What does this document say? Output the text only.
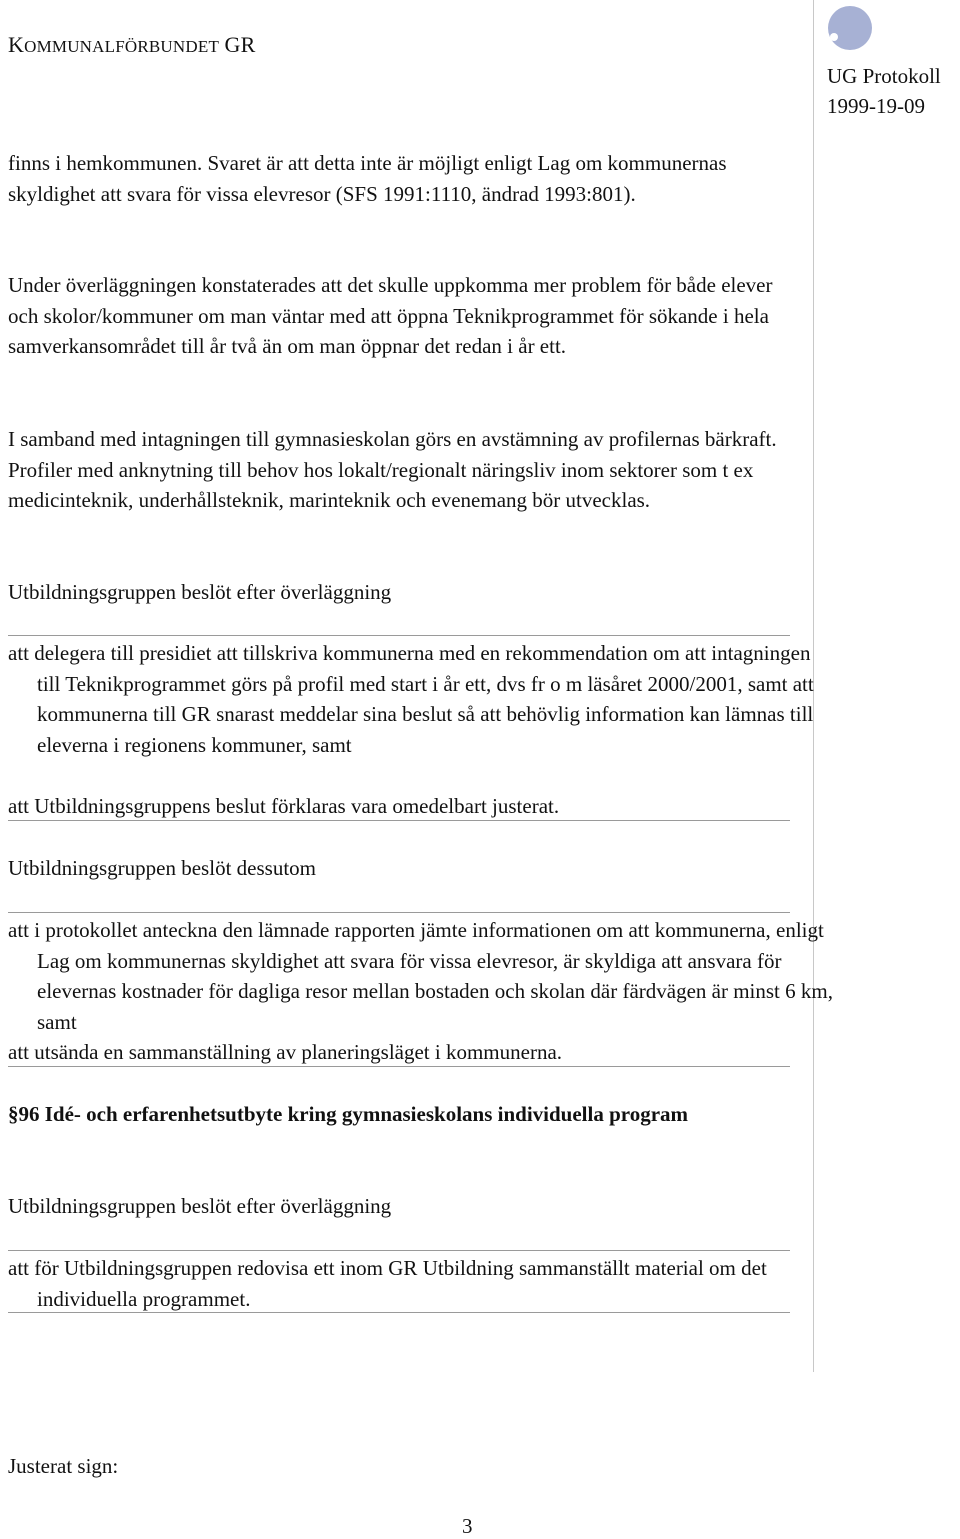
KOMMUNALFÖRBUNDET GR
UG Protokoll
1999-19-09

finns i hemkommunen. Svaret är att detta inte är möjligt enligt Lag om kommunernas skyldighet att svara för vissa elevresor (SFS 1991:1110, ändrad 1993:801).

Under överläggningen konstaterades att det skulle uppkomma mer problem för både elever och skolor/kommuner om man väntar med att öppna Teknikprogrammet för sökande i hela samverkansområdet till år två än om man öppnar det redan i år ett.

I samband med intagningen till gymnasieskolan görs en avstämning av profilernas bärkraft. Profiler med anknytning till behov hos lokalt/regionalt näringsliv inom sektorer som t ex medicinteknik, underhållsteknik, marinteknik och evenemang bör utvecklas.

Utbildningsgruppen beslöt efter överläggning

att delegera till presidiet att tillskriva kommunerna med en rekommendation om att intagningen till Teknikprogrammet görs på profil med start i år ett, dvs fr o m läsåret 2000/2001, samt att kommunerna till GR snarast meddelar sina beslut så att behövlig information kan lämnas till eleverna i regionens kommuner, samt

att Utbildningsgruppens beslut förklaras vara omedelbart justerat.

Utbildningsgruppen beslöt dessutom

att i protokollet anteckna den lämnade rapporten jämte informationen om att kommunerna, enligt Lag om kommunernas skyldighet att svara för vissa elevresor, är skyldiga att ansvara för elevernas kostnader för dagliga resor mellan bostaden och skolan där färdvägen är minst 6 km, samt

att utsända en sammanställning av planeringsläget i kommunerna.

§96 Idé- och erfarenhetsutbyte kring gymnasieskolans individuella program

Utbildningsgruppen beslöt efter överläggning

att för Utbildningsgruppen redovisa ett inom GR Utbildning sammanställt material om det individuella programmet.

Justerat sign:

3
